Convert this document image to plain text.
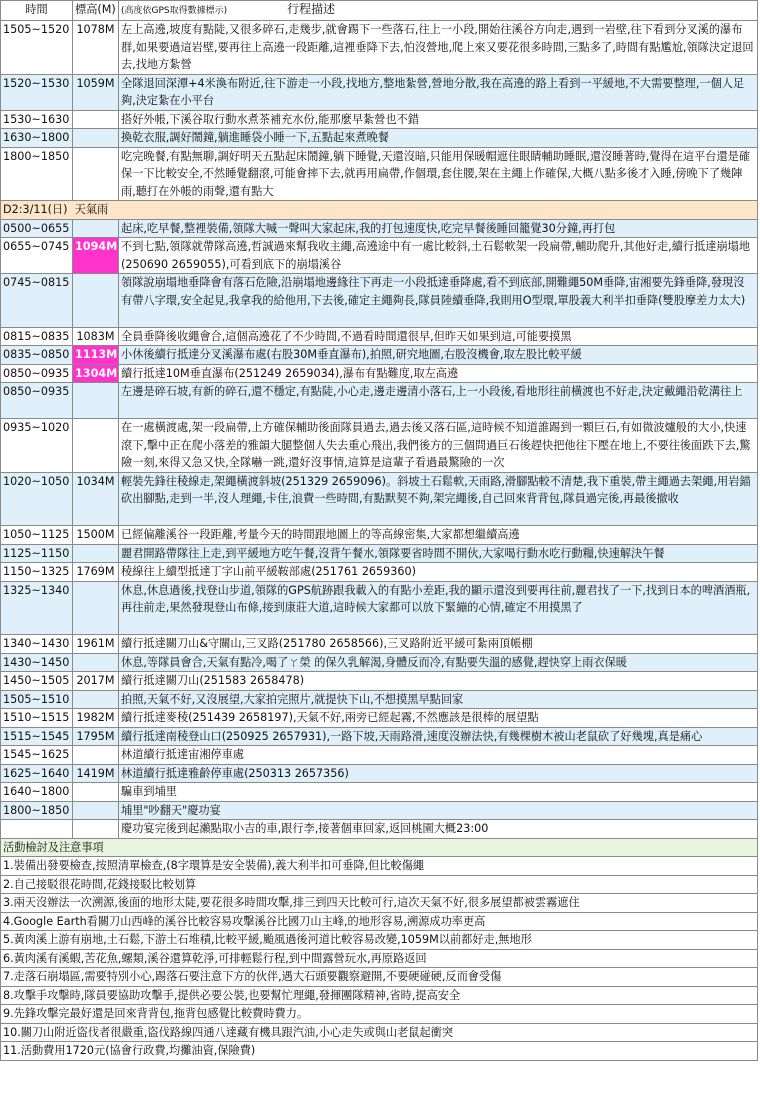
時間	標高(M)	(高度依GPS取得數據標示) 行程描述
1505~1520	1078M	左上高遶,坡度有點陡,又很多碎石,走幾步,就會踢下一些落石,往上一小段,開始往溪谷方向走,遇到一岩壁,往下看到分叉溪的瀑布群,如果要過這岩壁,要再往上高遶一段距離,這裡垂降下去,怕沒營地,爬上來又要花很多時間,三點多了,時間有點尷尬,領隊決定退回去,找地方紮營
1520~1530	1059M	全隊退回深潭+4米渙布附近,往下游走一小段,找地方,整地紮營,營地分散,我在高遶的路上看到一平緩地,不大需要整理,一個人足夠,決定紮在小平台
1530~1630		搭好外帳,下溪谷取行動水煮茶補充水份,能那麼早紮營也不錯
1630~1800		換乾衣服,調好鬧鐘,躺進睡袋小睡一下,五點起來煮晚餐
1800~1850		吃完晚餐,有點無聊,調好明天五點起床鬧鐘,躺下睡覺,天還沒暗,只能用保暖帽遮住眼睛輔助睡眠,還沒睡著時,覺得在這平台還是確保一下比較安全,不然睡覺翻滾,可能會摔下去,就再用扁帶,作個環,套住腰,架在主繩上作確保,大概八點多後才入睡,傍晚下了幾陣雨,聽打在外帳的雨聲,還有點大
D2:3/11(日) 天氣雨		
0500~0655		起床,吃早餐,整裡裝備,領隊大喊一聲叫大家起床,我的打包速度快,吃完早餐後睡回籠覺30分鐘,再打包
0655~0745	1094M	不到七點,領隊就帶隊高遶,哲誠過來幫我收主繩,高遶途中有一處比較斜,土石鬆軟架一段扁帶,輔助爬升,其他好走,續行抵達崩塌地(250690 2659055),可看到底下的崩塌溪谷
0745~0815		領隊說崩塌地垂降會有落石危險,沿崩塌地邊緣往下再走一小段抵達垂降處,看不到底部,開難繩50M垂降,宙湘要先鋒垂降,發現沒有帶八字環,安全起見,我拿我的給他用,下去後,確定主繩夠長,隊員陸續垂降,我則用O型環,單股義大利半扣垂降(雙股摩差力太大)
0815~0835	1083M	全員垂降後收繩會合,這個高遶花了不少時間,不過看時間還很早,但昨天如果到這,可能要摸黑
0835~0850	1113M	小休後續行抵達分叉溪瀑布處(右股30M垂直瀑布),拍照,研究地圖,右股沒機會,取左股比較平緩
0850~0935	1304M	續行抵達10M垂直瀑布(251249 2659034),瀑布有點難度,取左高遶
0850~0935		左邊是碎石坡,有新的碎石,還不穩定,有點陡,小心走,邊走邊清小落石,上一小段後,看地形往前橫渡也不好走,決定戴繩沿乾溝往上
0935~1020		在一處橫渡處,架一段扁帶,上方確保輔助後面隊員過去,過去後又落石區,這時候不知道誰踢到一顆巨石,有如微波爐般的大小,快速滾下,擊中正在爬小落差的雅韻大腿整個人失去重心飛出,我們後方的三個問過巨石後趕快把他往下壓在地上,不要往後面跌下去,驚險一刻,來得又急又快,全隊嚇一跳,還好沒事情,這算是這輩子看過最驚險的一次
1020~1050	1034M	輕裝先鋒往稜線走,架繩橫渡斜坡(251329 2659096)。斜坡土石鬆軟,天雨路,滑腳點較不清楚,我下重裝,帶主繩過去架繩,用岩錨砍出腳點,走到一半,沒人理繩,卡住,浪費一些時間,有點默契不夠,架完繩後,自己回來背背包,隊員過完後,再最後撤收
1050~1125	1500M	已經偏離溪谷一段距離,考量今天的時間跟地圖上的等高線密集,大家都想繼續高遶
1125~1150		麗君開路帶隊往上走,到平緩地方吃午餐,沒背午餐水,領隊要省時間不開伙,大家喝行動水吃行動糧,快速解決午餐
1150~1325	1769M	稜線往上續型抵達丁字山前平緩鞍部處(251761 2659360)
1325~1340		休息,休息過後,找登山步道,領隊的GPS航跡跟我載入的有點小差距,我的顯示還沒到要再往前,麗君找了一下,找到日本的啤酒酒瓶,再往前走,果然發現登山布條,接到康莊大道,這時候大家都可以放下緊繃的心情,確定不用摸黑了
1340~1430	1961M	續行抵達關刀山&守關山,三叉路(251780 2658566),三叉路附近平緩可紮兩頂帳棚
1430~1450		休息,等隊員會合,天氣有點冷,喝了ㄚ榮 的保久乳解渴,身體反而冷,有點要失溫的感覺,趕快穿上雨衣保暖
1450~1505	2017M	續行抵達關刀山(251583 2658478)
1505~1510		拍照,天氣不好,又沒展望,大家拍完照片,就提快下山,不想摸黑早點回家
1510~1515	1982M	續行抵達麥稜(251439 2658197),天氣不好,兩旁已經起霧,不然應該是很棒的展望點
1515~1545	1795M	續行抵達南稜登山口(250925 2657931),一路下坡,天雨路滑,速度沒辦法快,有幾棵樹木被山老鼠砍了好幾塊,真是痛心
1545~1625		林道續行抵達宙湘停車處
1625~1640	1419M	林道續行抵達雅齡停車處(250313 2657356)
1640~1800		騙車到埔里
1800~1850		埔里"吵翻天"慶功宴
		慶功宴完後到起瀨點取小吉的車,跟行李,接著個車回家,返回桃園大概23:00
活動檢討及注意事項		
1.裝備出發要檢查,按照清單檢查,(8字環算是安全裝備),義大利半扣可垂降,但比較傷繩		
2.自己接駁很花時間,花錢接駁比較划算		
3.兩天沒辦法一次溯源,後面的地形太陡,要花很多時間攻擊,排三到四天比較可行,這次天氣不好,很多展望都被雲霧遮住		
4.Google Earth看關刀山西峰的溪谷比較容易攻擊溪谷比國刀山主峰,的地形容易,溯源成功率更高		
5.黃肉溪上游有崩地,土石鬆,下游土石堆積,比較平緩,颱風過後河道比較容易改變,1059M以前都好走,無地形		
6.黃肉溪有溪蝦,苦花魚,螺類,溪谷還算乾淨,可排輕鬆行程,到中間露營玩水,再原路返回		
7.走落石崩塌區,需要特別小心,踢落石要注意下方的伙伴,遇大石頭要觀察避開,不要硬碰硬,反而會受傷		
8.攻擊手攻擊時,隊員要協助攻擊手,提供必要公裝,也要幫忙理繩,發揮團隊精神,省時,提高安全		
9.先鋒攻擊完最好還是回來背背包,拖背包感覺比較費時費力。		
10.關刀山附近盜伐者很嚴重,盜伐路線四通八達藏有機具跟汽油,小心走失或與山老鼠起衝突		
11.活動費用1720元(協會行政費,均攤油資,保險費)		
